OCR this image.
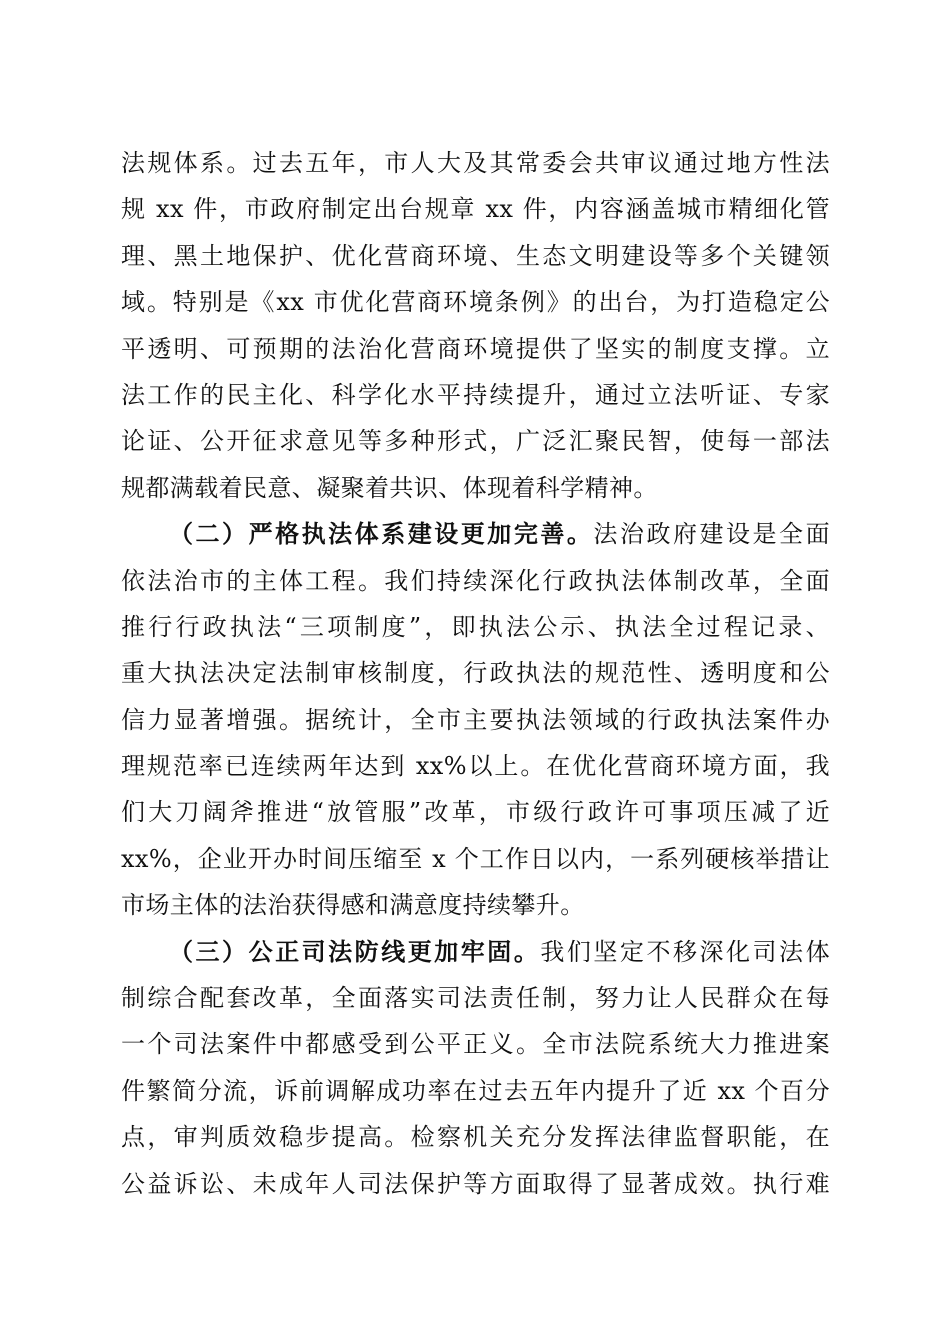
法规体系。过去五年，市人大及其常委会共审议通过地方性法
规 xx 件，市政府制定出台规章 xx 件，内容涵盖城市精细化管
理、黑土地保护、优化营商环境、生态文明建设等多个关键领
域。特别是《xx 市优化营商环境条例》的出台，为打造稳定公
平透明、可预期的法治化营商环境提供了坚实的制度支撑。立
法工作的民主化、科学化水平持续提升，通过立法听证、专家
论证、公开征求意见等多种形式，广泛汇聚民智，使每一部法
规都满载着民意、凝聚着共识、体现着科学精神。
（二）严格执法体系建设更加完善。法治政府建设是全面
依法治市的主体工程。我们持续深化行政执法体制改革，全面
推行行政执法“三项制度”，即执法公示、执法全过程记录、
重大执法决定法制审核制度，行政执法的规范性、透明度和公
信力显著增强。据统计，全市主要执法领域的行政执法案件办
理规范率已连续两年达到 xx%以上。在优化营商环境方面，我
们大刀阔斧推进“放管服”改革，市级行政许可事项压减了近
xx%，企业开办时间压缩至 x 个工作日以内，一系列硬核举措让
市场主体的法治获得感和满意度持续攀升。
（三）公正司法防线更加牢固。我们坚定不移深化司法体
制综合配套改革，全面落实司法责任制，努力让人民群众在每
一个司法案件中都感受到公平正义。全市法院系统大力推进案
件繁简分流，诉前调解成功率在过去五年内提升了近 xx 个百分
点，审判质效稳步提高。检察机关充分发挥法律监督职能，在
公益诉讼、未成年人司法保护等方面取得了显著成效。执行难
